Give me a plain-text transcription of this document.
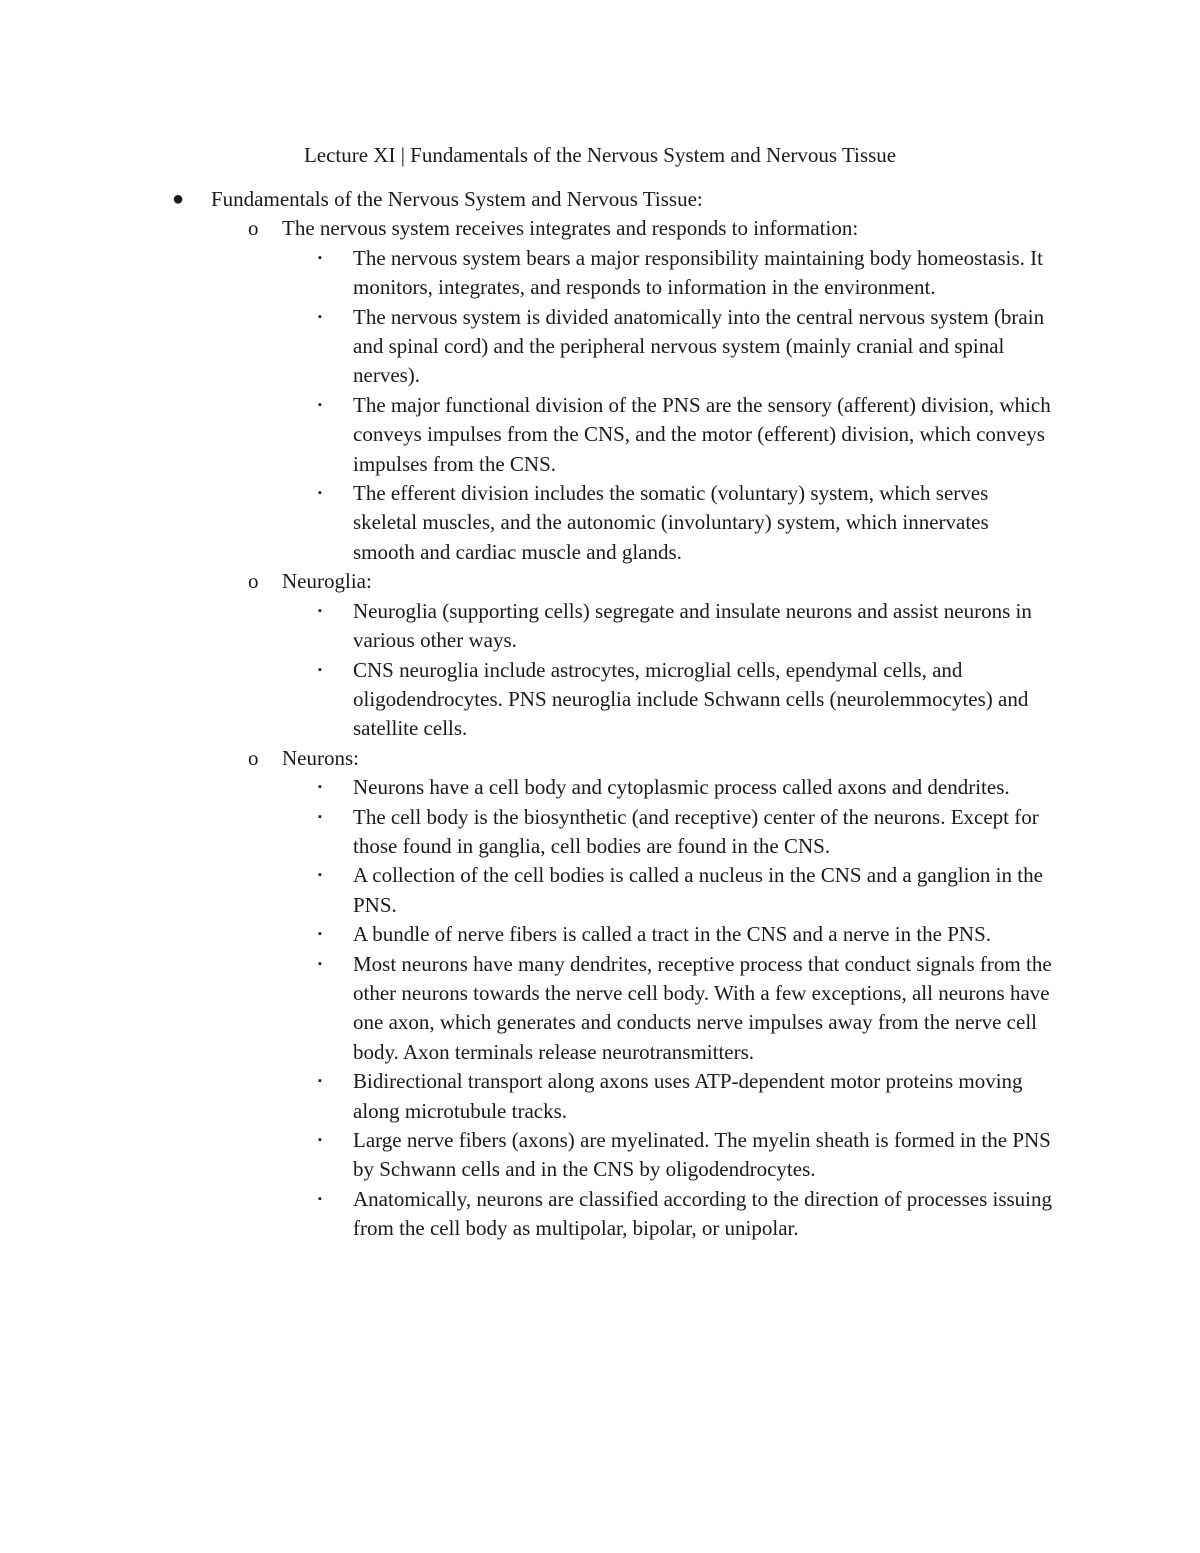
Lecture XI | Fundamentals of the Nervous System and Nervous Tissue
● Fundamentals of the Nervous System and Nervous Tissue:
o The nervous system receives integrates and responds to information:
▪ The nervous system bears a major responsibility maintaining body homeostasis. It monitors, integrates, and responds to information in the environment.
▪ The nervous system is divided anatomically into the central nervous system (brain and spinal cord) and the peripheral nervous system (mainly cranial and spinal nerves).
▪ The major functional division of the PNS are the sensory (afferent) division, which conveys impulses from the CNS, and the motor (efferent) division, which conveys impulses from the CNS.
▪ The efferent division includes the somatic (voluntary) system, which serves skeletal muscles, and the autonomic (involuntary) system, which innervates smooth and cardiac muscle and glands.
o Neuroglia:
▪ Neuroglia (supporting cells) segregate and insulate neurons and assist neurons in various other ways.
▪ CNS neuroglia include astrocytes, microglial cells, ependymal cells, and oligodendrocytes. PNS neuroglia include Schwann cells (neurolemmocytes) and satellite cells.
o Neurons:
▪ Neurons have a cell body and cytoplasmic process called axons and dendrites.
▪ The cell body is the biosynthetic (and receptive) center of the neurons. Except for those found in ganglia, cell bodies are found in the CNS.
▪ A collection of the cell bodies is called a nucleus in the CNS and a ganglion in the PNS.
▪ A bundle of nerve fibers is called a tract in the CNS and a nerve in the PNS.
▪ Most neurons have many dendrites, receptive process that conduct signals from the other neurons towards the nerve cell body. With a few exceptions, all neurons have one axon, which generates and conducts nerve impulses away from the nerve cell body. Axon terminals release neurotransmitters.
▪ Bidirectional transport along axons uses ATP-dependent motor proteins moving along microtubule tracks.
▪ Large nerve fibers (axons) are myelinated. The myelin sheath is formed in the PNS by Schwann cells and in the CNS by oligodendrocytes.
▪ Anatomically, neurons are classified according to the direction of processes issuing from the cell body as multipolar, bipolar, or unipolar.
